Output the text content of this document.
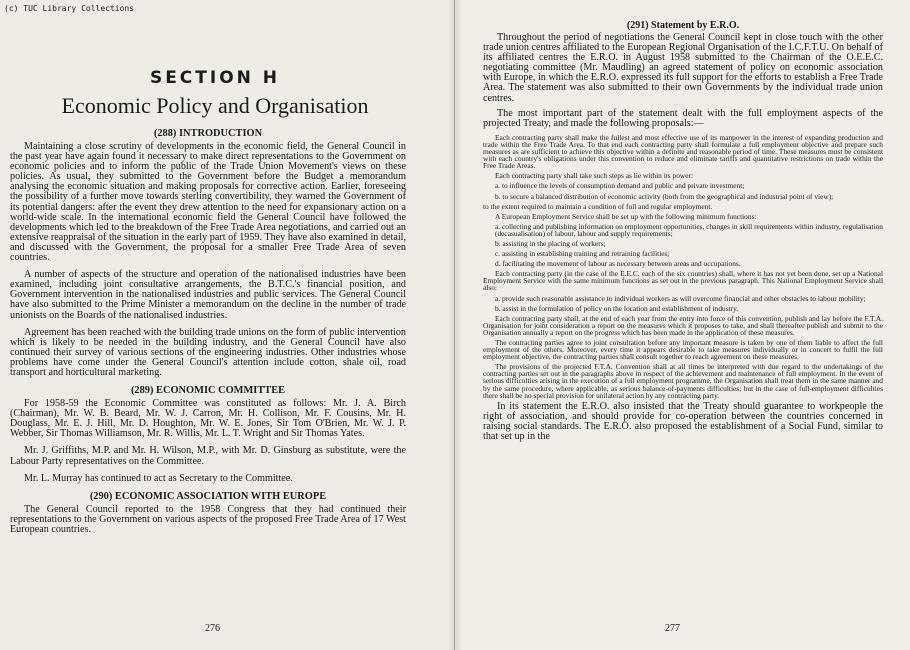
(c) TUC Library Collections
SECTION H
Economic Policy and Organisation

(288) INTRODUCTION

Maintaining a close scrutiny of developments in the economic field, the General Council in the past year have again found it necessary to make direct representations to the Government on economic policies and to inform the public of the Trade Union Movement's views on these policies. As usual, they submitted to the Government before the Budget a memorandum analysing the economic situation and making proposals for corrective action. Earlier, foreseeing the possibility of a further move towards sterling convertibility, they warned the Government of its potential dangers: after the event they drew attention to the need for expansionary action on a world-wide scale. In the international economic field the General Council have followed the developments which led to the breakdown of the Free Trade Area negotiations, and carried out an extensive reappraisal of the situation in the early part of 1959. They have also examined in detail, and discussed with the Government, the proposal for a smaller Free Trade Area of seven countries.

A number of aspects of the structure and operation of the nationalised industries have been examined, including joint consultative arrangements, the B.T.C.'s financial position, and Government intervention in the nationalised industries and public services. The General Council have also submitted to the Prime Minister a memorandum on the decline in the number of trade unionists on the Boards of the nationalised industries.

Agreement has been reached with the building trade unions on the form of public intervention which is likely to be needed in the building industry, and the General Council have also continued their survey of various sections of the engineering industries. Other industries whose problems have come under the General Council's attention include cotton, shale oil, road transport and horticultural marketing.

(289) ECONOMIC COMMITTEE

For 1958-59 the Economic Committee was constituted as follows: Mr. J. A. Birch (Chairman), Mr. W. B. Beard, Mr. W. J. Carron, Mr. H. Collison, Mr. F. Cousins, Mr. H. Douglass, Mr. E. J. Hill, Mr. D. Houghton, Mr. W. E. Jones, Sir Tom O'Brien, Mr. W. J. P. Webber, Sir Thomas Williamson, Mr. R. Willis, Mr. L. T. Wright and Sir Thomas Yates.

Mr. J. Griffiths, M.P. and Mr. H. Wilson, M.P., with Mr. D. Ginsburg as substitute, were the Labour Party representatives on the Committee.

Mr. L. Murray has continued to act as Secretary to the Committee.

(290) ECONOMIC ASSOCIATION WITH EUROPE

The General Council reported to the 1958 Congress that they had continued their representations to the Government on various aspects of the proposed Free Trade Area of 17 West European countries.

276

(291) Statement by E.R.O.

Throughout the period of negotiations the General Council kept in close touch with the other trade union centres affiliated to the European Regional Organisation of the I.C.F.T.U. On behalf of its affiliated centres the E.R.O. in August 1958 submitted to the Chairman of the O.E.E.C. negotiating committee (Mr. Maudling) an agreed statement of policy on economic association with Europe, in which the E.R.O. expressed its full support for the efforts to establish a Free Trade Area. The statement was also submitted to their own Governments by the individual trade union centres.

The most important part of the statement dealt with the full employment aspects of the projected Treaty, and made the following proposals:—

Each contracting party shall make the fullest and most effective use of its manpower in the interest of expanding production and trade within the Free Trade Area. To that end each contracting party shall formulate a full employment objective and prepare such measures as are sufficient to achieve this objective within a definite and reasonable period of time. These measures must be consistent with each country's obligations under this convention to reduce and eliminate tariffs and quantitative restrictions on trade within the Free Trade Areas.

Each contracting party shall take such steps as lie within its power:

a. to influence the levels of consumption demand and public and private investment;

b. to secure a balanced distribution of economic activity (both from the geographical and industrial point of view);

to the extent required to maintain a condition of full and regular employment.

A European Employment Service shall be set up with the following minimum functions:

a. collecting and publishing information on employment opportunities, changes in skill requirements within industry, regulalisation (decasualisation) of labour, labour and supply requirements;

b. assisting in the placing of workers;

c. assisting in establishing training and retraining facilities;

d. facilitating the movement of labour as necessary between areas and occupations.

Each contracting party (in the case of the E.E.C. each of the six countries) shall, where it has not yet been done, set up a National Employment Service with the same minimum functions as set out in the previous paragraph. This National Employment Service shall also:

a. provide such reasonable assistance to individual workers as will overcome financial and other obstacles to labour mobility;

b. assist in the formulation of policy on the location and establishment of industry.

Each contracting party shall, at the end of each year from the entry into force of this convention, publish and lay before the F.T.A. Organisation for joint consideration a report on the measures which it proposes to take, and shall thereafter publish and submit to the Organisation annually a report on the progress which has been made in the application of these measures.

The contracting parties agree to joint consultation before any important measure is taken by one of them liable to affect the full employment of the others. Moreover, every time it appears desirable to take measures individually or in concert to fulfil the full employment objective, the contracting parties shall consult together to reach agreement on these measures.

The provisions of the projected F.T.A. Convention shall at all times be interpreted with due regard to the undertakings of the contracting parties set out in the paragraphs above in respect of the achievement and maintenance of full employment. In the event of serious difficulties arising in the execution of a full employment programme, the Organisation shall treat them in the same manner and by the same procedure, where applicable, as serious balance-of-payments difficulties; but in the case of full-employment difficulties there shall be no special provision for unilateral action by any contracting party.

In its statement the E.R.O. also insisted that the Treaty should guarantee to workpeople the right of association, and should provide for co-operation between the countries concerned in raising social standards. The E.R.O. also proposed the establishment of a Social Fund, similar to that set up in the

277
